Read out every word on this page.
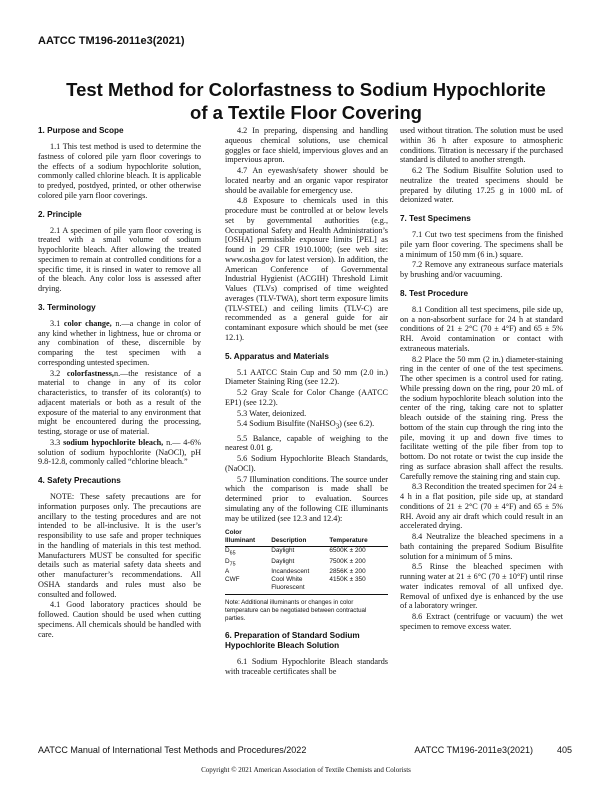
AATCC TM196-2011e3(2021)
Test Method for Colorfastness to Sodium Hypochlorite
of a Textile Floor Covering
1. Purpose and Scope

1.1 This test method is used to determine the fastness of colored pile yarn floor coverings to the effects of a sodium hypochlorite solution, commonly called chlorine bleach. It is applicable to predyed, postdyed, printed, or other otherwise colored pile yarn floor coverings.

2. Principle

2.1 A specimen of pile yarn floor covering is treated with a small volume of sodium hypochlorite bleach. After allowing the treated specimen to remain at controlled conditions for a specific time, it is rinsed in water to remove all of the bleach. Any color loss is assessed after drying.

3. Terminology

3.1 color change, n.—a change in color of any kind whether in lightness, hue or chroma or any combination of these, discernible by comparing the test specimen with a corresponding untested specimen.

3.2 colorfastness,n.—the resistance of a material to change in any of its color characteristics, to transfer of its colorant(s) to adjacent materials or both as a result of the exposure of the material to any environment that might be encountered during the processing, testing, storage or use of material.

3.3 sodium hypochlorite bleach, n.— 4-6% solution of sodium hypochlorite (NaOCl), pH 9.8-12.8, commonly called “chlorine bleach.”

4. Safety Precautions

NOTE: These safety precautions are for information purposes only. The precautions are ancillary to the testing procedures and are not intended to be all-inclusive. It is the user’s responsibility to use safe and proper techniques in the handling of materials in this test method. Manufacturers MUST be consulted for specific details such as material safety data sheets and other manufacturer’s recommendations. All OSHA standards and rules must also be consulted and followed.

4.1 Good laboratory practices should be followed. Caution should be used when cutting specimens. All chemicals should be handled with care.

4.2 In preparing, dispensing and handling aqueous chemical solutions, use chemical goggles or face shield, impervious gloves and an impervious apron.

4.7 An eyewash/safety shower should be located nearby and an organic vapor respirator should be available for emergency use.

4.8 Exposure to chemicals used in this procedure must be controlled at or below levels set by governmental authorities (e.g., Occupational Safety and Health Administration’s [OSHA] permissible exposure limits [PEL] as found in 29 CFR 1910.1000; (see web site: www.osha.gov for latest version). In addition, the American Conference of Governmental Industrial Hygienist (ACGIH) Threshold Limit Values (TLVs) comprised of time weighted averages (TLV-TWA), short term exposure limits (TLV-STEL) and ceiling limits (TLV-C) are recommended as a general guide for air contaminant exposure which should be met (see 12.1).

5. Apparatus and Materials

5.1 AATCC Stain Cup and 50 mm (2.0 in.) Diameter Staining Ring (see 12.2).

5.2 Gray Scale for Color Change (AATCC EP1) (see 12.2).

5.3 Water, deionized.

5.4 Sodium Bisulfite (NaHSO$_3$) (see 6.2).

5.5 Balance, capable of weighing to the nearest 0.01 g.

5.6 Sodium Hypochlorite Bleach Standards, (NaOCl).

5.7 Illumination conditions. The source under which the comparison is made shall be determined prior to evaluation. Sources simulating any of the following CIE illuminants may be utilized (see 12.3 and 12.4):

Color
Illuminant	Description	Temperature
$D_{65}$	Daylight	6500K ± 200
$D_{75}$	Daylight	7500K ± 200
A	Incandescent	2856K ± 200
CWF	Cool White	4150K ± 350
	Fluorescent	
Note: Additional illuminants or changes in color temperature can be negotiated between contractual parties.
6. Preparation of Standard Sodium Hypochlorite Bleach Solution

6.1 Sodium Hypochlorite Bleach standards with traceable certificates shall be

used without titration. The solution must be used within 36 h after exposure to atmospheric conditions. Titration is necessary if the purchased standard is diluted to another strength.

6.2 The Sodium Bisulfite Solution used to neutralize the treated specimens should be prepared by diluting 17.25 g in 1000 mL of deionized water.

7. Test Specimens

7.1 Cut two test specimens from the finished pile yarn floor covering. The specimens shall be a minimum of 150 mm (6 in.) square.

7.2 Remove any extraneous surface materials by brushing and/or vacuuming.

8. Test Procedure

8.1 Condition all test specimens, pile side up, on a non-absorbent surface for 24 h at standard conditions of 21 ± 2°C (70 ± 4°F) and 65 ± 5% RH. Avoid contamination or contact with extraneous materials.

8.2 Place the 50 mm (2 in.) diameter-staining ring in the center of one of the test specimens. The other specimen is a control used for rating. While pressing down on the ring, pour 20 mL of the sodium hypochlorite bleach solution into the center of the ring, taking care not to splatter bleach outside of the staining ring. Press the bottom of the stain cup through the ring into the pile, moving it up and down five times to facilitate wetting of the pile fiber from top to bottom. Do not rotate or twist the cup inside the ring as surface abrasion shall affect the results. Carefully remove the staining ring and stain cup.

8.3 Recondition the treated specimen for 24 ± 4 h in a flat position, pile side up, at standard conditions of 21 ± 2°C (70 ± 4°F) and 65 ± 5% RH. Avoid any air draft which could result in an accelerated drying.

8.4 Neutralize the bleached specimens in a bath containing the prepared Sodium Bisulfite solution for a minimum of 5 mins.

8.5 Rinse the bleached specimen with running water at 21 ± 6°C (70 ± 10°F) until rinse water indicates removal of all unfixed dye. Removal of unfixed dye is enhanced by the use of a laboratory wringer.

8.6 Extract (centrifuge or vacuum) the wet specimen to remove excess water.

AATCC Manual of International Test Methods and Procedures/2022	AATCC TM196-2011e3(2021)	405
Copyright © 2021 American Association of Textile Chemists and Colorists
